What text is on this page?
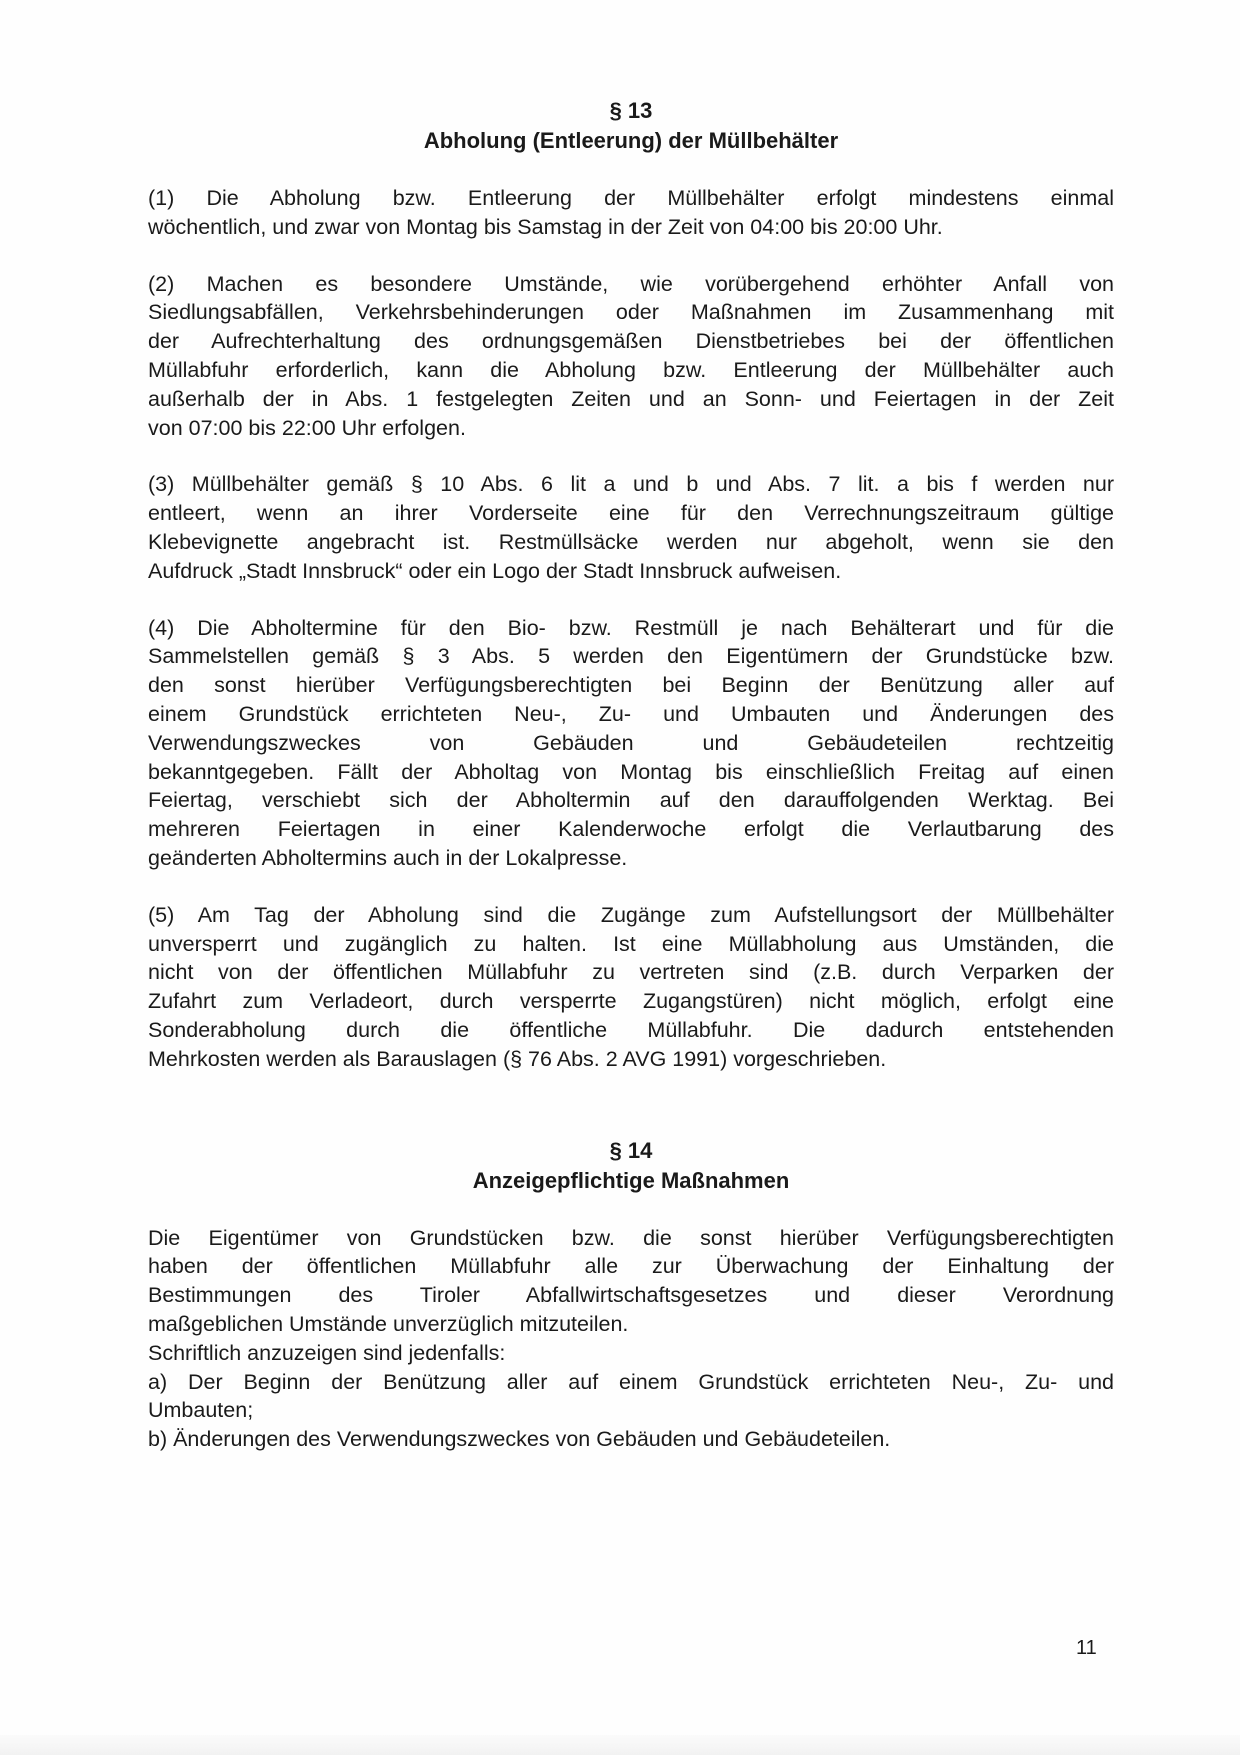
§ 13
Abholung (Entleerung) der Müllbehälter

(1) Die Abholung bzw. Entleerung der Müllbehälter erfolgt mindestens einmal
wöchentlich, und zwar von Montag bis Samstag in der Zeit von 04:00 bis 20:00 Uhr.

(2) Machen es besondere Umstände, wie vorübergehend erhöhter Anfall von
Siedlungsabfällen, Verkehrsbehinderungen oder Maßnahmen im Zusammenhang mit
der Aufrechterhaltung des ordnungsgemäßen Dienstbetriebes bei der öffentlichen
Müllabfuhr erforderlich, kann die Abholung bzw. Entleerung der Müllbehälter auch
außerhalb der in Abs. 1 festgelegten Zeiten und an Sonn- und Feiertagen in der Zeit
von 07:00 bis 22:00 Uhr erfolgen.

(3) Müllbehälter gemäß § 10 Abs. 6 lit a und b und Abs. 7 lit. a bis f werden nur
entleert, wenn an ihrer Vorderseite eine für den Verrechnungszeitraum gültige
Klebevignette angebracht ist. Restmüllsäcke werden nur abgeholt, wenn sie den
Aufdruck „Stadt Innsbruck“ oder ein Logo der Stadt Innsbruck aufweisen.

(4) Die Abholtermine für den Bio- bzw. Restmüll je nach Behälterart und für die
Sammelstellen gemäß § 3 Abs. 5 werden den Eigentümern der Grundstücke bzw.
den sonst hierüber Verfügungsberechtigten bei Beginn der Benützung aller auf
einem Grundstück errichteten Neu-, Zu- und Umbauten und Änderungen des
Verwendungszweckes von Gebäuden und Gebäudeteilen rechtzeitig
bekanntgegeben. Fällt der Abholtag von Montag bis einschließlich Freitag auf einen
Feiertag, verschiebt sich der Abholtermin auf den darauffolgenden Werktag. Bei
mehreren Feiertagen in einer Kalenderwoche erfolgt die Verlautbarung des
geänderten Abholtermins auch in der Lokalpresse.

(5) Am Tag der Abholung sind die Zugänge zum Aufstellungsort der Müllbehälter
unversperrt und zugänglich zu halten. Ist eine Müllabholung aus Umständen, die
nicht von der öffentlichen Müllabfuhr zu vertreten sind (z.B. durch Verparken der
Zufahrt zum Verladeort, durch versperrte Zugangstüren) nicht möglich, erfolgt eine
Sonderabholung durch die öffentliche Müllabfuhr. Die dadurch entstehenden
Mehrkosten werden als Barauslagen (§ 76 Abs. 2 AVG 1991) vorgeschrieben.

§ 14
Anzeigepflichtige Maßnahmen

Die Eigentümer von Grundstücken bzw. die sonst hierüber Verfügungsberechtigten
haben der öffentlichen Müllabfuhr alle zur Überwachung der Einhaltung der
Bestimmungen des Tiroler Abfallwirtschaftsgesetzes und dieser Verordnung
maßgeblichen Umstände unverzüglich mitzuteilen.
Schriftlich anzuzeigen sind jedenfalls:
a) Der Beginn der Benützung aller auf einem Grundstück errichteten Neu-, Zu- und
Umbauten;
b) Änderungen des Verwendungszweckes von Gebäuden und Gebäudeteilen.

11
